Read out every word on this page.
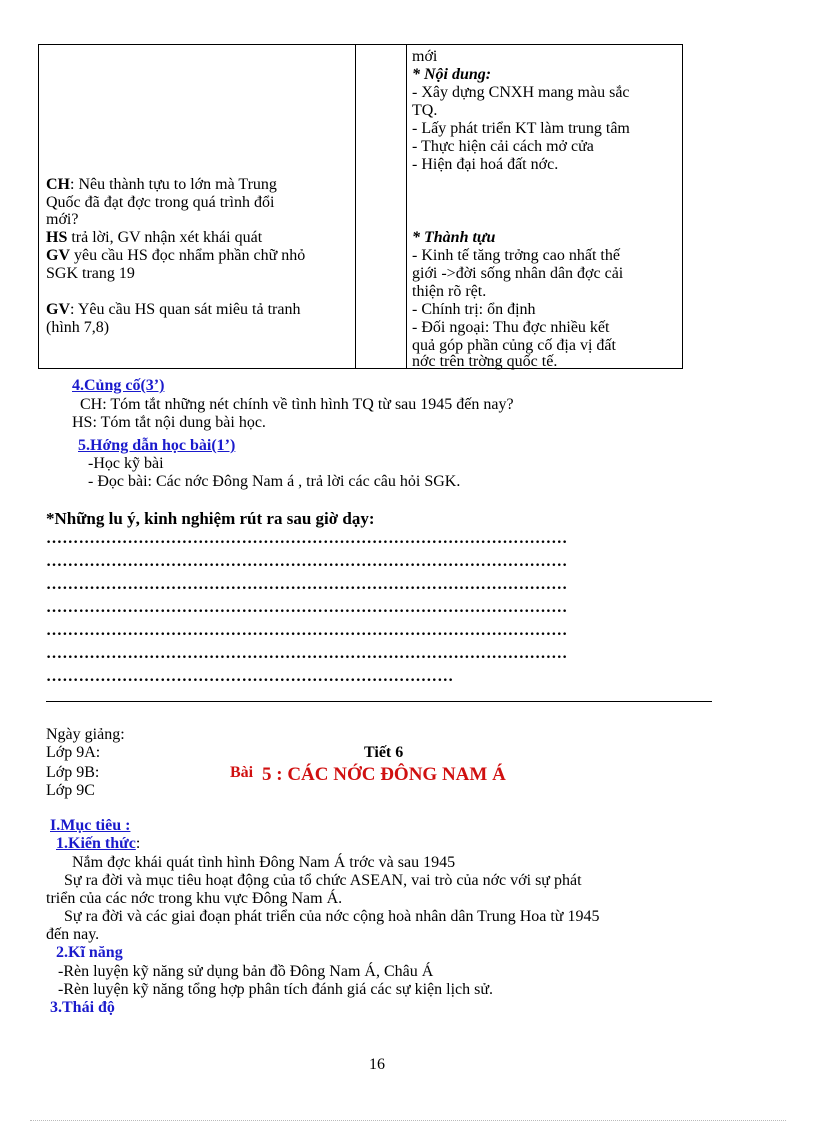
CH: Nêu thành tựu to lớn mà Trung
Quốc đã đạt đợc trong quá trình đổi
mới?
HS trả lời, GV nhận xét khái quát
GV yêu cầu HS đọc nhẩm phần chữ nhỏ
SGK trang 19
GV: Yêu cầu HS quan sát miêu tả tranh
(hình 7,8)
mới
* Nội dung:
- Xây dựng CNXH mang màu sắc
TQ.
- Lấy phát triển KT làm trung tâm
- Thực hiện cải cách mở cửa
- Hiện đại hoá đất nớc.
* Thành tựu
- Kinh tế tăng trởng cao nhất thế
giới ->đời sống nhân dân đợc cải
thiện rõ rệt.
- Chính trị: ổn định
- Đối ngoại: Thu đợc nhiều kết
quả góp phần củng cố địa vị đất
nớc trên trờng quốc tế.
4.Củng cố(3’)
CH: Tóm tắt những nét chính về tình hình TQ từ sau 1945 đến nay?
HS: Tóm tắt nội dung bài học.
5.Hớng dẫn học bài(1’)
-Học kỹ bài
- Đọc bài: Các nớc Đông Nam á , trả lời các câu hỏi SGK.
*Những lu ý, kinh nghiệm rút ra sau giờ dạy:
……………………………………………………………………………………
……………………………………………………………………………………
……………………………………………………………………………………
……………………………………………………………………………………
……………………………………………………………………………………
……………………………………………………………………………………
…………………………………………………………………
Ngày giảng:
Lớp 9A:
Lớp 9B:
Lớp 9C
Tiết 6
Bài 5 : CÁC NỚC ĐÔNG NAM Á
I.Mục tiêu :
1.Kiến thức:
Nắm đợc khái quát tình hình Đông Nam Á trớc và sau 1945
Sự ra đời và mục tiêu hoạt động của tổ chức ASEAN, vai trò của nớc với sự phát
triển của các nớc trong khu vực Đông Nam Á.
Sự ra đời và các giai đoạn phát triển của nớc cộng hoà nhân dân Trung Hoa từ 1945
đến nay.
2.Kĩ năng
-Rèn luyện kỹ năng sử dụng bản đồ Đông Nam Á, Châu Á
-Rèn luyện kỹ năng tổng hợp phân tích đánh giá các sự kiện lịch sử.
3.Thái độ
16
